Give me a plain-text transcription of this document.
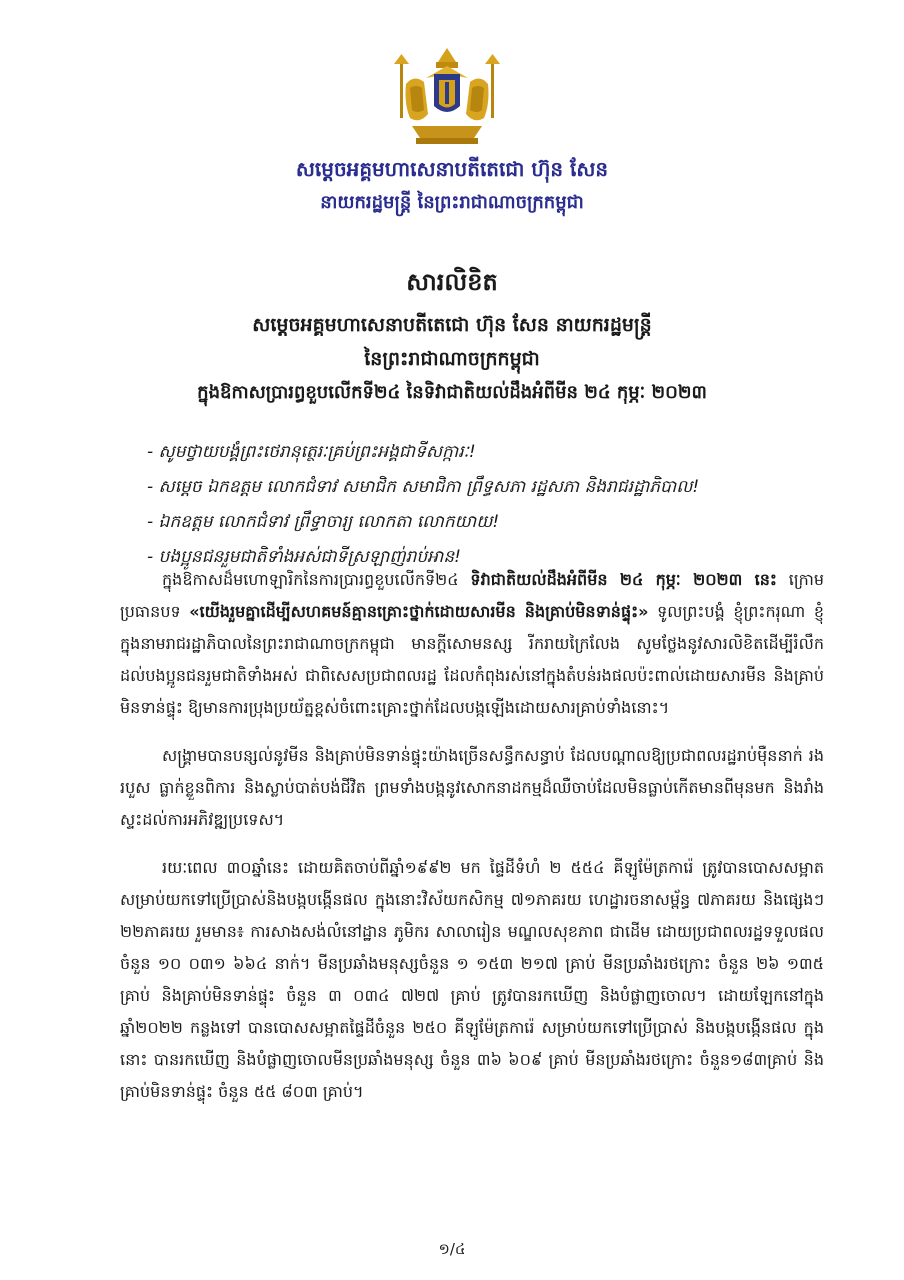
សម្តេចអគ្គមហាសេនាបតីតេជោ ហ៊ុន សែន
នាយករដ្ឋមន្ត្រី នៃព្រះរាជាណាចក្រកម្ពុជា
សារលិខិត
សម្តេចអគ្គមហាសេនាបតីតេជោ ហ៊ុន សែន នាយករដ្ឋមន្ត្រី
នៃព្រះរាជាណាចក្រកម្ពុជា
ក្នុងឱកាសប្រារព្ធខួបលើកទី២៤ នៃទិវាជាតិយល់ដឹងអំពីមីន ២៤ កុម្ភៈ ២០២៣
- សូមថ្វាយបង្គំព្រះថេរានុត្ថេរៈគ្រប់ព្រះអង្គជាទីសក្ការៈ!
- សម្តេច ឯកឧត្តម លោកជំទាវ សមាជិក សមាជិកា ព្រឹទ្ធសភា រដ្ឋសភា និងរាជរដ្ឋាភិបាល!
- ឯកឧត្តម លោកជំទាវ ព្រឹទ្ធាចារ្យ លោកតា លោកយាយ!
- បងប្អូនជនរួមជាតិទាំងអស់ជាទីស្រឡាញ់រាប់អាន!

ក្នុងឱកាសដ៏មហោឡារិកនៃការប្រារព្ធខួបលើកទី២៤ ទិវាជាតិយល់ដឹងអំពីមីន ២៤ កុម្ភៈ ២០២៣ នេះ ក្រោមប្រធានបទ «យើងរួមគ្នាដើម្បីសហគមន៍គ្មានគ្រោះថ្នាក់ដោយសារមីន និងគ្រាប់មិនទាន់ផ្ទុះ» ទូលព្រះបង្គំ ខ្ញុំព្រះករុណា ខ្ញុំ ក្នុងនាមរាជរដ្ឋាភិបាលនៃព្រះរាជាណាចក្រកម្ពុជា មានក្តីសោមនស្ស រីករាយក្រៃលែង សូមថ្លែងនូវសារលិខិតដើម្បីរំលឹកដល់បងប្អូនជនរួមជាតិទាំងអស់ ជាពិសេសប្រជាពលរដ្ឋ ដែលកំពុងរស់នៅក្នុងតំបន់រងផលប៉ះពាល់ដោយសារមីន និងគ្រាប់មិនទាន់ផ្ទុះ ឱ្យមានការប្រុងប្រយ័ត្នខ្ពស់ចំពោះគ្រោះថ្នាក់ដែលបង្កឡើងដោយសារគ្រាប់ទាំងនោះ។

សង្គ្រាមបានបន្សល់នូវមីន និងគ្រាប់មិនទាន់ផ្ទុះយ៉ាងច្រើនសន្ធឹកសន្ធាប់ ដែលបណ្តាលឱ្យប្រជាពលរដ្ឋរាប់ម៉ឺននាក់ រងរបួស ធ្លាក់ខ្លួនពិការ និងស្លាប់បាត់បង់ជីវិត ព្រមទាំងបង្កនូវសោកនាដកម្មដ៏ឈឺចាប់ដែលមិនធ្លាប់កើតមានពីមុនមក និងរាំងស្ទះដល់ការអភិវឌ្ឍប្រទេស។

រយៈពេល ៣០ឆ្នាំនេះ ដោយគិតចាប់ពីឆ្នាំ១៩៩២ មក ផ្ទៃដីទំហំ ២ ៥៥៤ គីឡូម៉ែត្រការ៉េ ត្រូវបានបោសសម្អាតសម្រាប់យកទៅប្រើប្រាស់និងបង្កបង្កើនផល ក្នុងនោះវិស័យកសិកម្ម ៧១ភាគរយ ហេដ្ឋារចនាសម្ព័ន្ធ ៧ភាគរយ និងផ្សេងៗ ២២ភាគរយ រួមមាន៖ ការសាងសង់លំនៅដ្ឋាន ភូមិករ សាលារៀន មណ្ឌលសុខភាព ជាដើម ដោយប្រជាពលរដ្ឋទទួលផលចំនួន ១០ ០៣១ ៦៦៤ នាក់។ មីនប្រឆាំងមនុស្សចំនួន ១ ១៥៣ ២១៧ គ្រាប់ មីនប្រឆាំងរថក្រោះ ចំនួន ២៦ ១៣៥ គ្រាប់ និងគ្រាប់មិនទាន់ផ្ទុះ ចំនួន ៣ ០៣៤ ៧២៧ គ្រាប់ ត្រូវបានរកឃើញ និងបំផ្លាញចោល។ ដោយឡែកនៅក្នុងឆ្នាំ២០២២ កន្លងទៅ បានបោសសម្អាតផ្ទៃដីចំនួន ២៥០ គីឡូម៉ែត្រការ៉េ សម្រាប់យកទៅប្រើប្រាស់ និងបង្កបង្កើនផល ក្នុងនោះ បានរកឃើញ និងបំផ្លាញចោលមីនប្រឆាំងមនុស្ស ចំនួន ៣៦ ៦០៩ គ្រាប់ មីនប្រឆាំងរថក្រោះ ចំនួន១៨៣គ្រាប់ និងគ្រាប់មិនទាន់ផ្ទុះ ចំនួន ៥៥ ៨០៣ គ្រាប់។

១/៤
